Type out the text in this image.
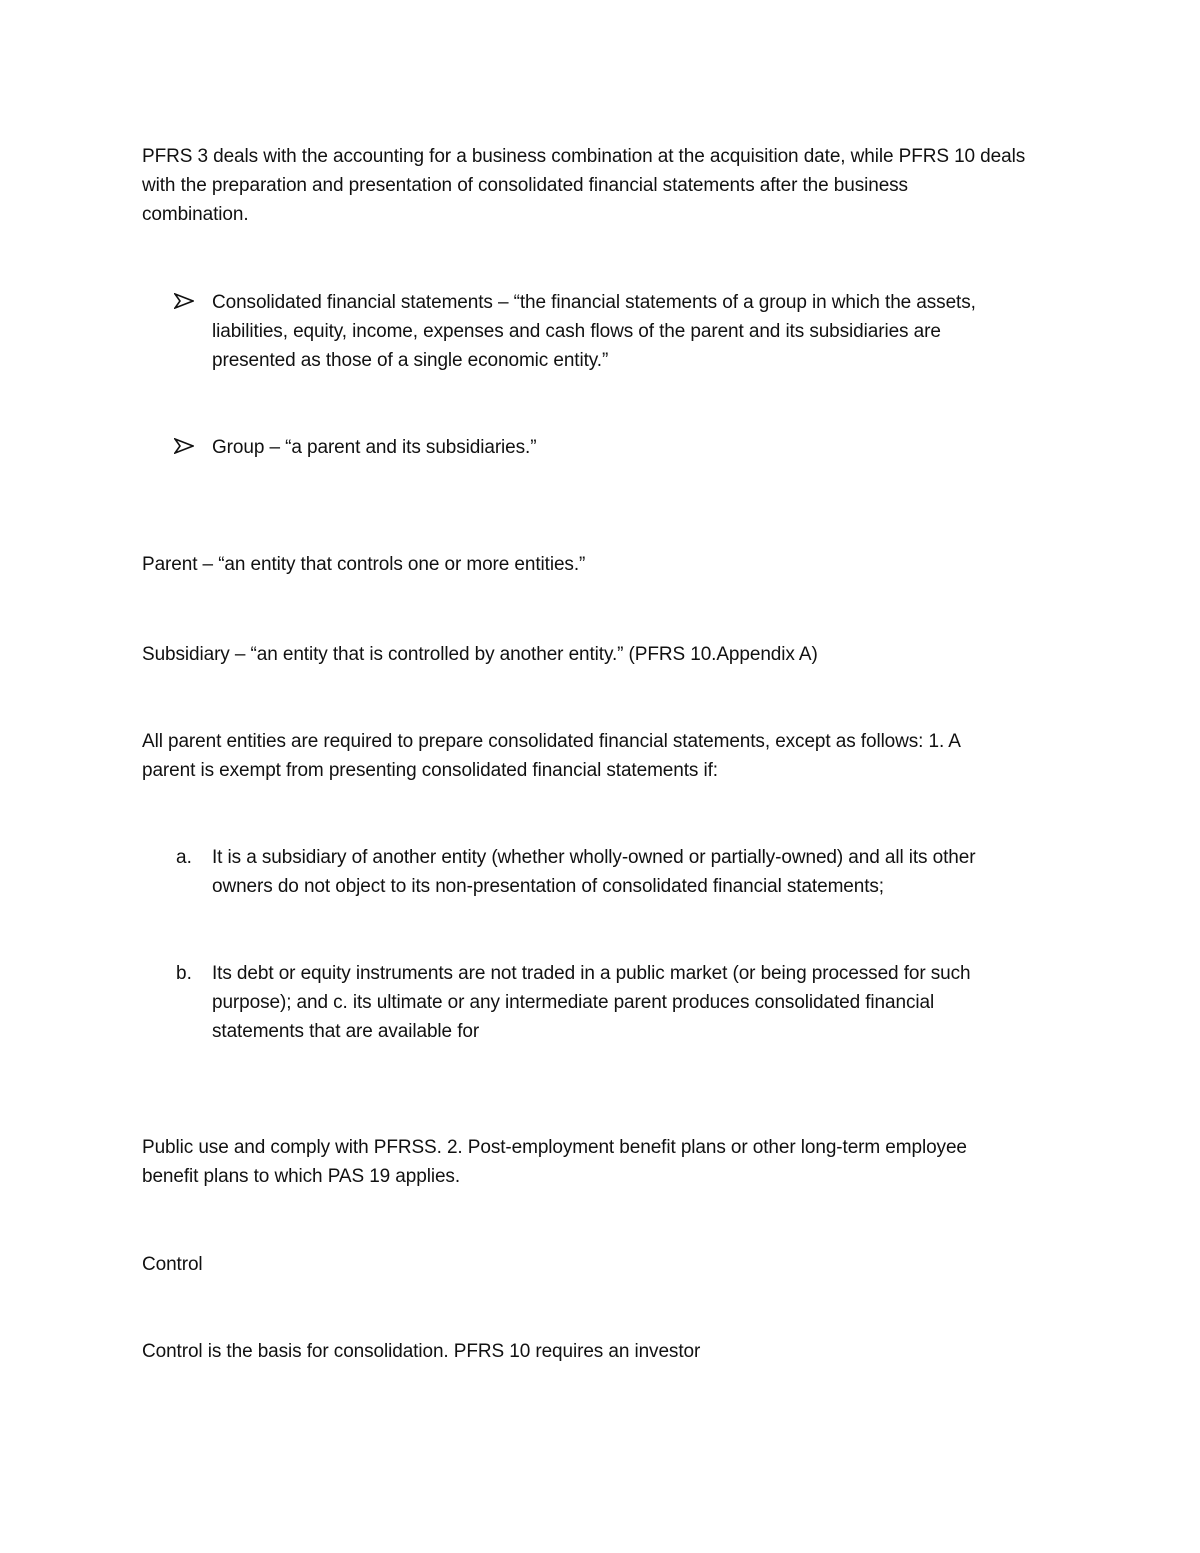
PFRS 3 deals with the accounting for a business combination at the acquisition date, while PFRS 10 deals
with the preparation and presentation of consolidated financial statements after the business
combination.
Consolidated financial statements – “the financial statements of a group in which the assets,
liabilities, equity, income, expenses and cash flows of the parent and its subsidiaries are
presented as those of a single economic entity.”
Group – “a parent and its subsidiaries.”
Parent – “an entity that controls one or more entities.”
Subsidiary – “an entity that is controlled by another entity.” (PFRS 10.Appendix A)
All parent entities are required to prepare consolidated financial statements, except as follows: 1. A
parent is exempt from presenting consolidated financial statements if:
a. It is a subsidiary of another entity (whether wholly-owned or partially-owned) and all its other
owners do not object to its non-presentation of consolidated financial statements;
b. Its debt or equity instruments are not traded in a public market (or being processed for such
purpose); and c. its ultimate or any intermediate parent produces consolidated financial
statements that are available for
Public use and comply with PFRSS. 2. Post-employment benefit plans or other long-term employee
benefit plans to which PAS 19 applies.
Control
Control is the basis for consolidation. PFRS 10 requires an investor
